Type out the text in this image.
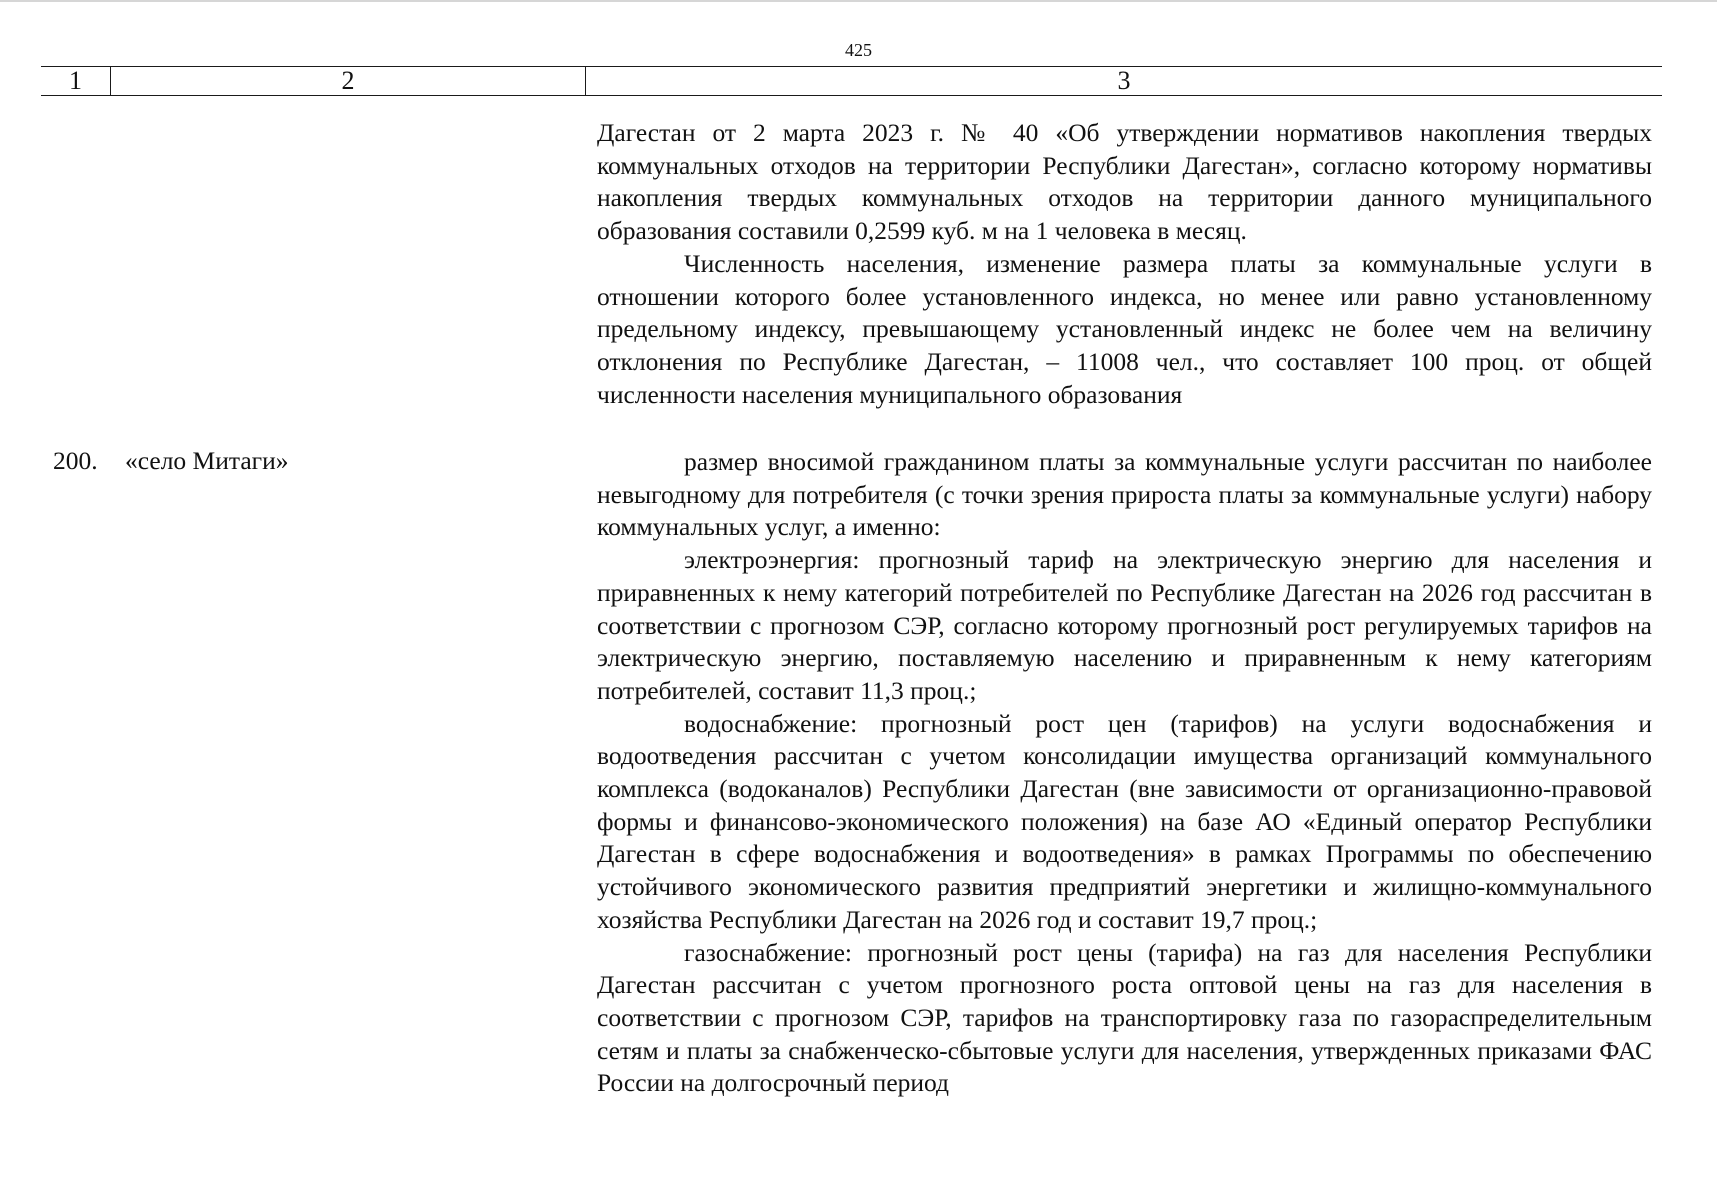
425
1	2	3

Дагестан от 2 марта 2023 г. № 40 «Об утверждении нормативов накопления твердых коммунальных отходов на территории Республики Дагестан», согласно которому нормативы накопления твердых коммунальных отходов на территории данного муниципального образования составили 0,2599 куб. м на 1 человека в месяц.

Численность населения, изменение размера платы за коммунальные услуги в отношении которого более установленного индекса, но менее или равно установленному предельному индексу, превышающему установленный индекс не более чем на величину отклонения по Республике Дагестан, – 11008 чел., что составляет 100 проц. от общей численности населения муниципального образования

200. «село Митаги»	размер вносимой гражданином платы за коммунальные услуги рассчитан по наиболее невыгодному для потребителя (с точки зрения прироста платы за коммунальные услуги) набору коммунальных услуг, а именно:

электроэнергия: прогнозный тариф на электрическую энергию для населения и приравненных к нему категорий потребителей по Республике Дагестан на 2026 год рассчитан в соответствии с прогнозом СЭР, согласно которому прогнозный рост регулируемых тарифов на электрическую энергию, поставляемую населению и приравненным к нему категориям потребителей, составит 11,3 проц.;

водоснабжение: прогнозный рост цен (тарифов) на услуги водоснабжения и водоотведения рассчитан с учетом консолидации имущества организаций коммунального комплекса (водоканалов) Республики Дагестан (вне зависимости от организационно-правовой формы и финансово-экономического положения) на базе АО «Единый оператор Республики Дагестан в сфере водоснабжения и водоотведения» в рамках Программы по обеспечению устойчивого экономического развития предприятий энергетики и жилищно-коммунального хозяйства Республики Дагестан на 2026 год и составит 19,7 проц.;

газоснабжение: прогнозный рост цены (тарифа) на газ для населения Республики Дагестан рассчитан с учетом прогнозного роста оптовой цены на газ для населения в соответствии с прогнозом СЭР, тарифов на транспортировку газа по газораспределительным сетям и платы за снабженческо-сбытовые услуги для населения, утвержденных приказами ФАС России на долгосрочный период
